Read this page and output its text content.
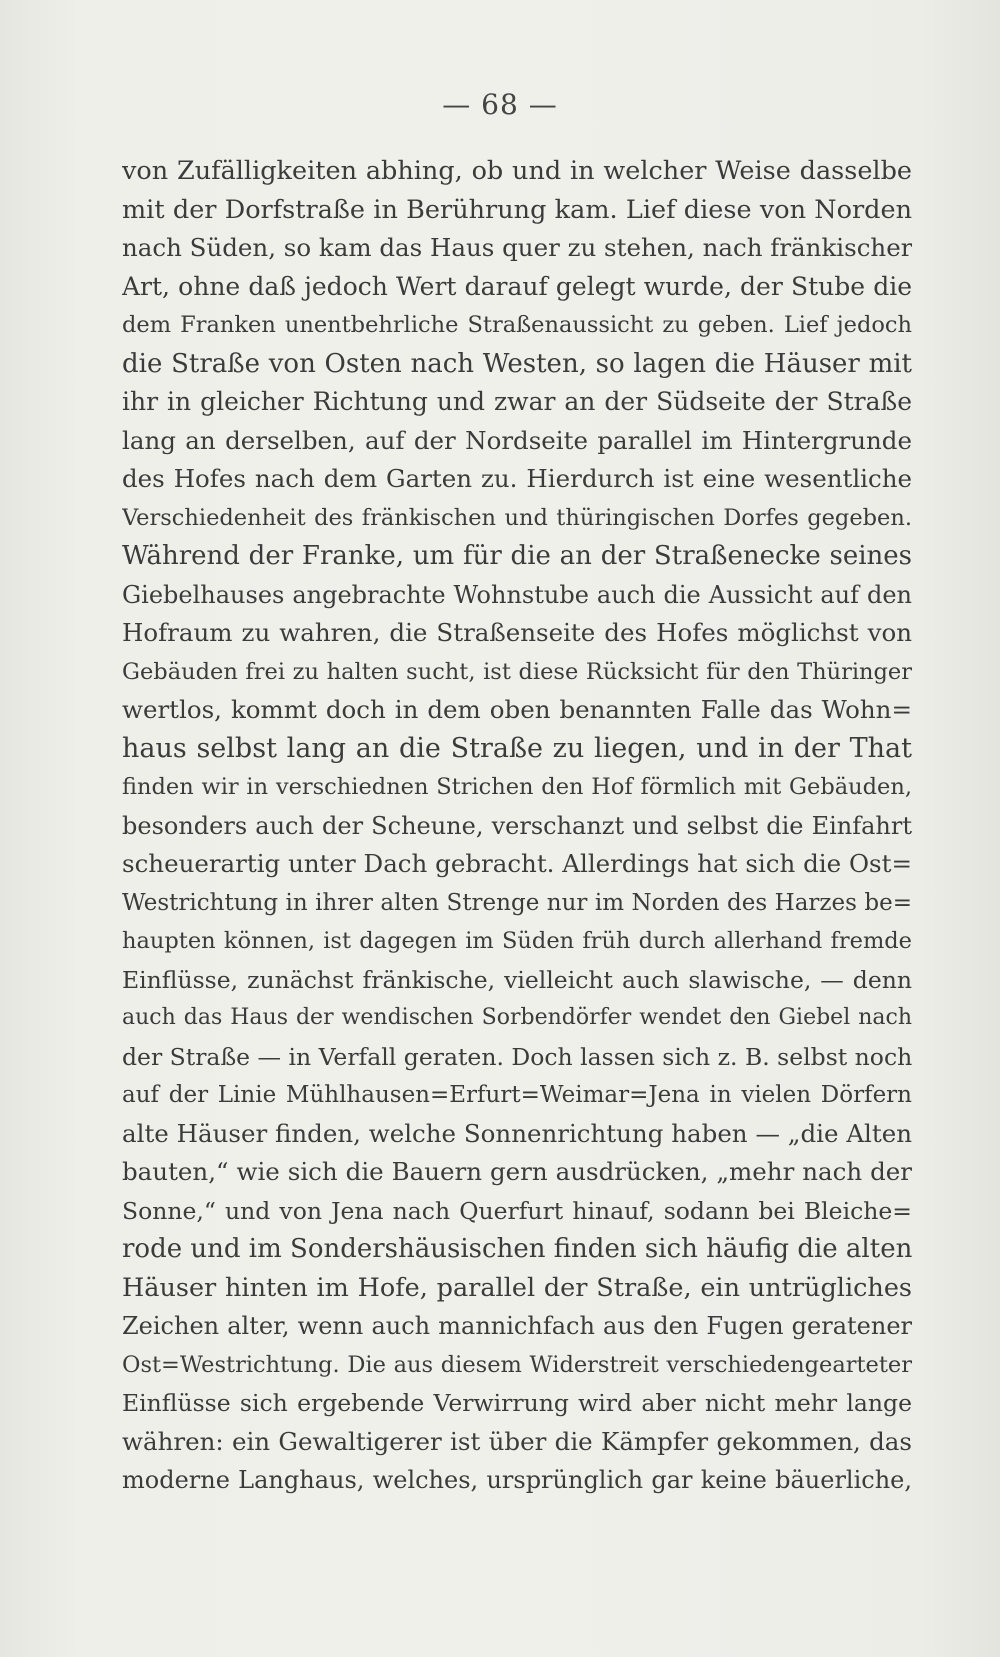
— 68 —
von Zufälligkeiten abhing, ob und in welcher Weise dasselbe
mit der Dorfstraße in Berührung kam. Lief diese von Norden
nach Süden, so kam das Haus quer zu stehen, nach fränkischer
Art, ohne daß jedoch Wert darauf gelegt wurde, der Stube die
dem Franken unentbehrliche Straßenaussicht zu geben. Lief jedoch
die Straße von Osten nach Westen, so lagen die Häuser mit
ihr in gleicher Richtung und zwar an der Südseite der Straße
lang an derselben, auf der Nordseite parallel im Hintergrunde
des Hofes nach dem Garten zu. Hierdurch ist eine wesentliche
Verschiedenheit des fränkischen und thüringischen Dorfes gegeben.
Während der Franke, um für die an der Straßenecke seines
Giebelhauses angebrachte Wohnstube auch die Aussicht auf den
Hofraum zu wahren, die Straßenseite des Hofes möglichst von
Gebäuden frei zu halten sucht, ist diese Rücksicht für den Thüringer
wertlos, kommt doch in dem oben benannten Falle das Wohn=
haus selbst lang an die Straße zu liegen, und in der That
finden wir in verschiednen Strichen den Hof förmlich mit Gebäuden,
besonders auch der Scheune, verschanzt und selbst die Einfahrt
scheuerartig unter Dach gebracht. Allerdings hat sich die Ost=
Westrichtung in ihrer alten Strenge nur im Norden des Harzes be=
haupten können, ist dagegen im Süden früh durch allerhand fremde
Einflüsse, zunächst fränkische, vielleicht auch slawische, — denn
auch das Haus der wendischen Sorbendörfer wendet den Giebel nach
der Straße — in Verfall geraten. Doch lassen sich z. B. selbst noch
auf der Linie Mühlhausen=Erfurt=Weimar=Jena in vielen Dörfern
alte Häuser finden, welche Sonnenrichtung haben — „die Alten
bauten,“ wie sich die Bauern gern ausdrücken, „mehr nach der
Sonne,“ und von Jena nach Querfurt hinauf, sodann bei Bleiche=
rode und im Sondershäusischen finden sich häufig die alten
Häuser hinten im Hofe, parallel der Straße, ein untrügliches
Zeichen alter, wenn auch mannichfach aus den Fugen geratener
Ost=Westrichtung. Die aus diesem Widerstreit verschiedengearteter
Einflüsse sich ergebende Verwirrung wird aber nicht mehr lange
währen: ein Gewaltigerer ist über die Kämpfer gekommen, das
moderne Langhaus, welches, ursprünglich gar keine bäuerliche,
